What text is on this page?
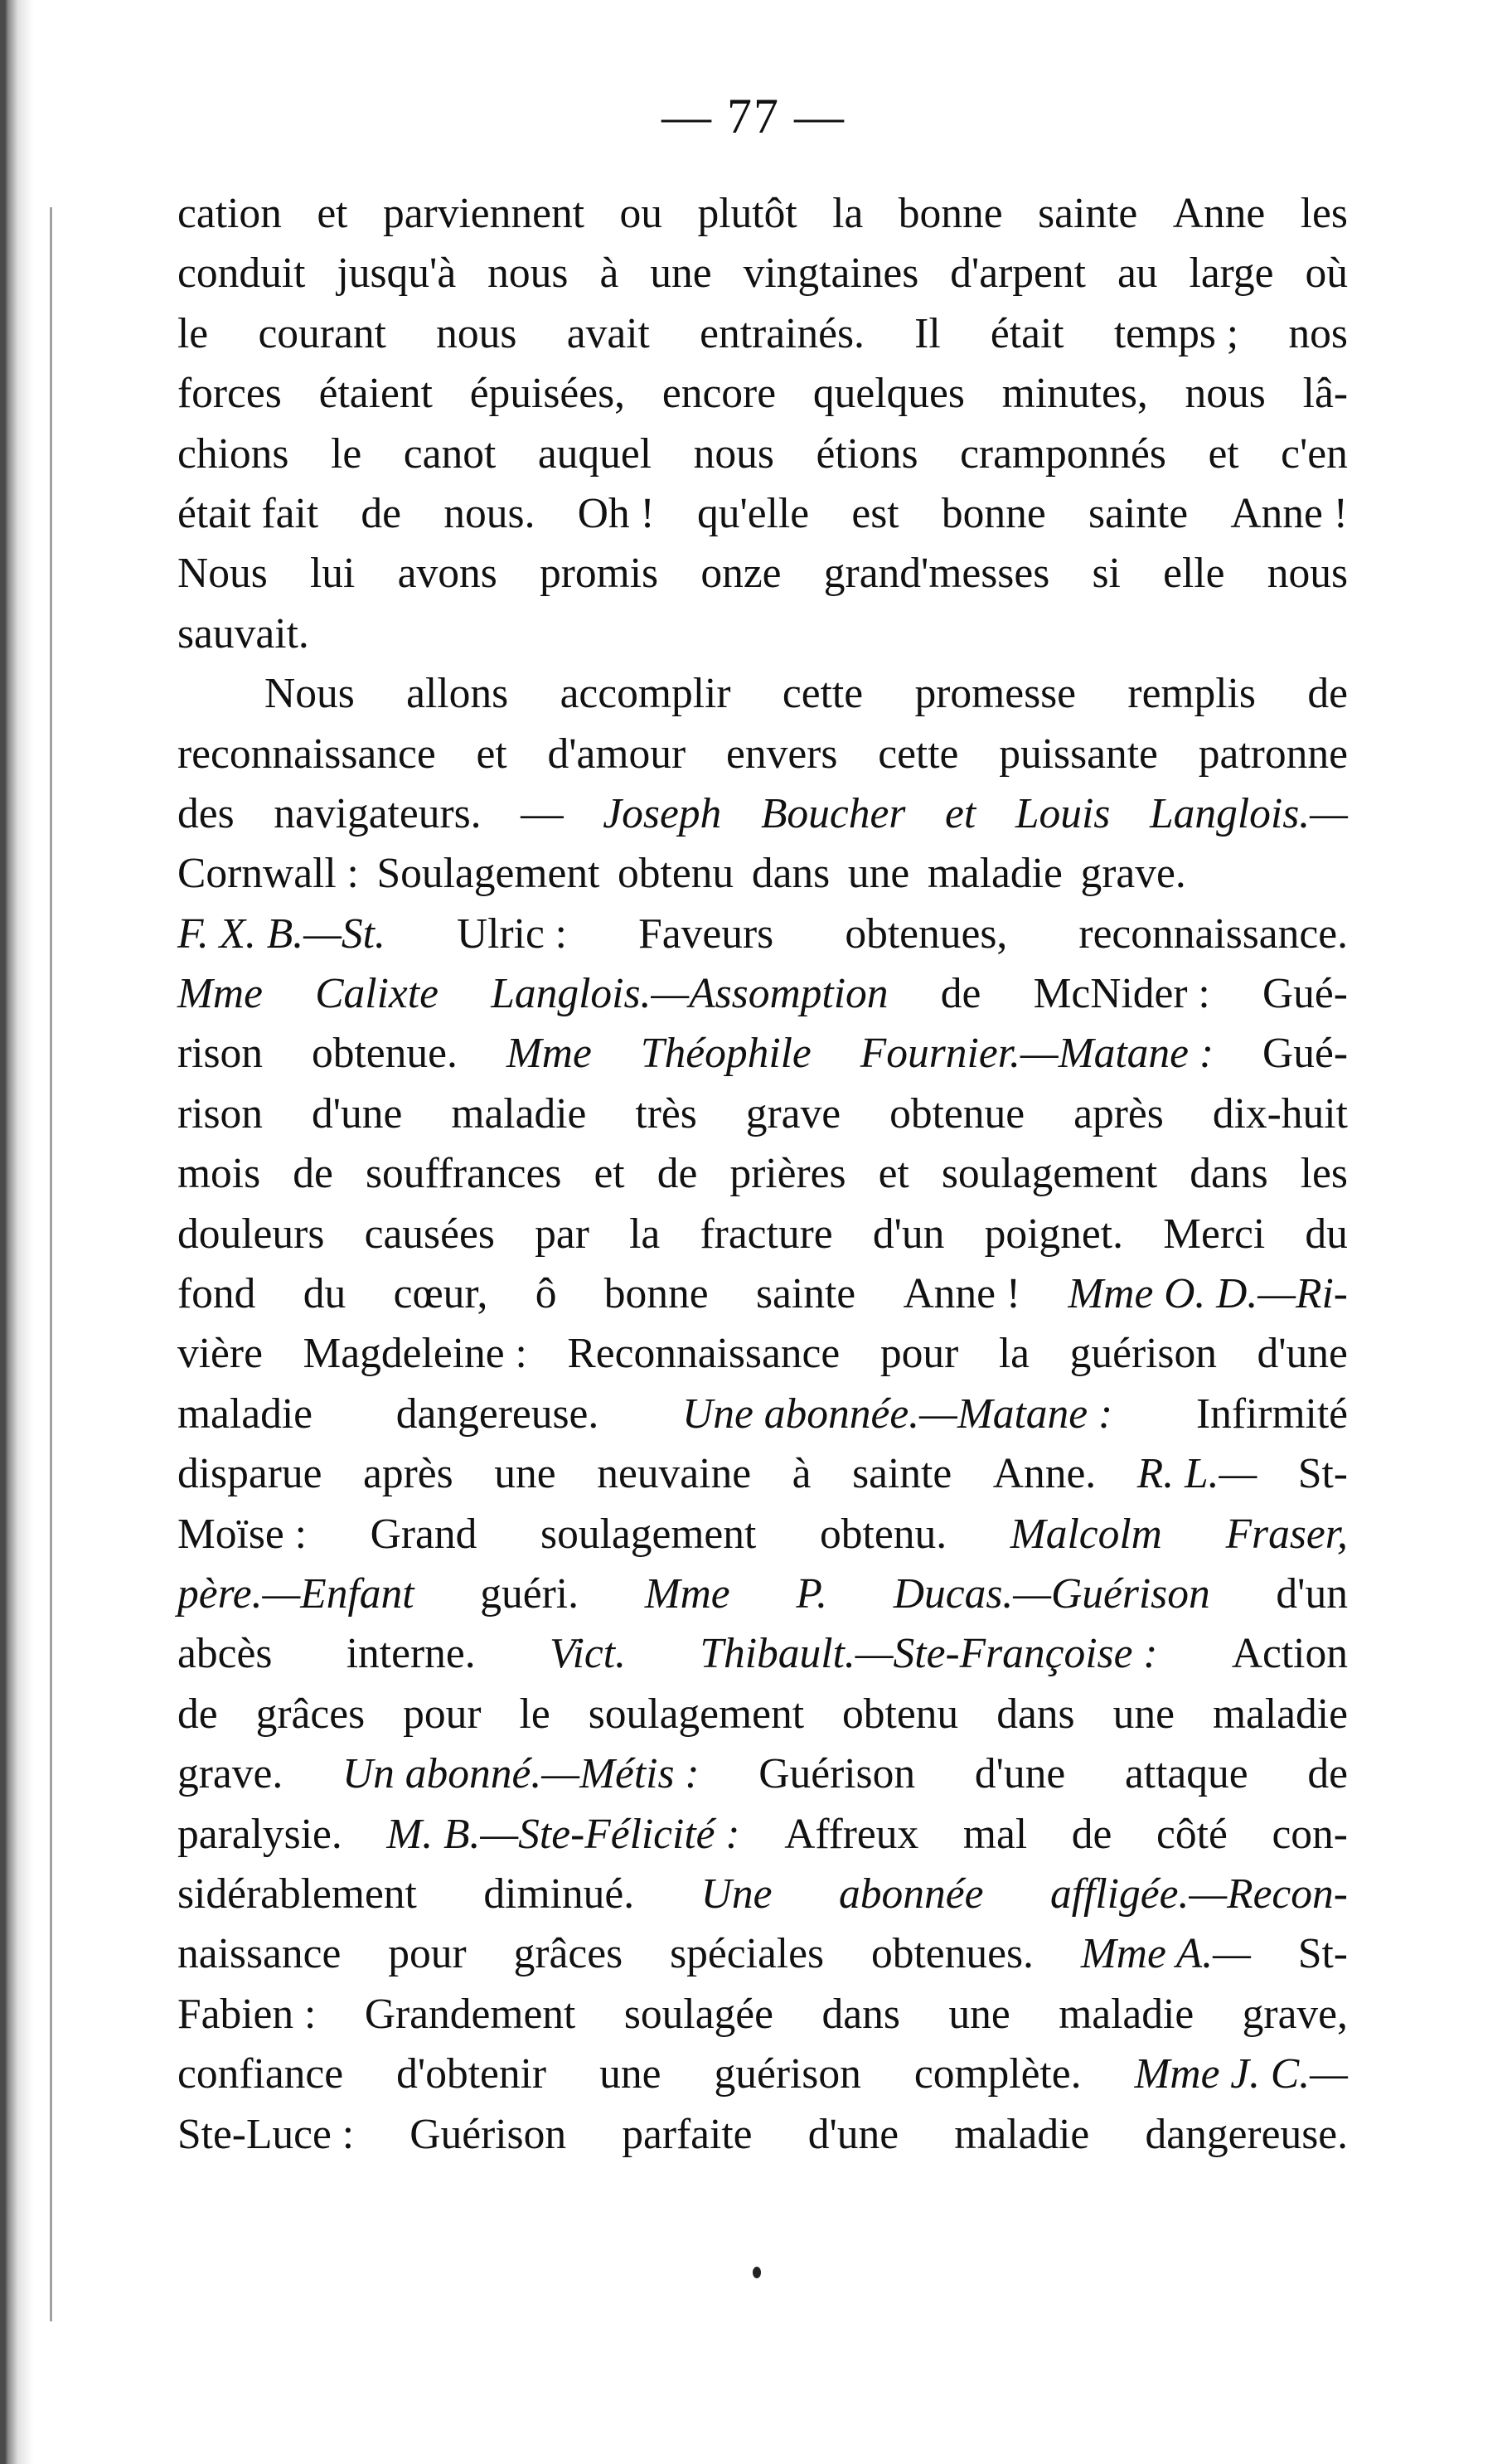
— 77 —
cation et parviennent ou plutôt la bonne sainte Anne les
conduit jusqu'à nous à une vingtaines d'arpent au large où
le courant nous avait entrainés. Il était temps ; nos
forces étaient épuisées, encore quelques minutes, nous lâ-
chions le canot auquel nous étions cramponnés et c'en
était fait de nous. Oh ! qu'elle est bonne sainte Anne !
Nous lui avons promis onze grand'messes si elle nous
sauvait.
Nous allons accomplir cette promesse remplis de
reconnaissance et d'amour envers cette puissante patronne
des navigateurs. — Joseph Boucher et Louis Langlois.—
Cornwall : Soulagement obtenu dans une maladie grave.
F. X. B.—St. Ulric : Faveurs obtenues, reconnaissance.
Mme Calixte Langlois.—Assomption de McNider : Gué-
rison obtenue. Mme Théophile Fournier.—Matane : Gué-
rison d'une maladie très grave obtenue après dix-huit
mois de souffrances et de prières et soulagement dans les
douleurs causées par la fracture d'un poignet. Merci du
fond du cœur, ô bonne sainte Anne ! Mme O. D.—Ri-
vière Magdeleine : Reconnaissance pour la guérison d'une
maladie dangereuse. Une abonnée.—Matane : Infirmité
disparue après une neuvaine à sainte Anne. R. L.— St-
Moïse : Grand soulagement obtenu. Malcolm Fraser,
père.—Enfant guéri. Mme P. Ducas.—Guérison d'un
abcès interne. Vict. Thibault.—Ste-Françoise : Action
de grâces pour le soulagement obtenu dans une maladie
grave. Un abonné.—Métis : Guérison d'une attaque de
paralysie. M. B.—Ste-Félicité : Affreux mal de côté con-
sidérablement diminué. Une abonnée affligée.—Recon-
naissance pour grâces spéciales obtenues. Mme A.— St-
Fabien : Grandement soulagée dans une maladie grave,
confiance d'obtenir une guérison complète. Mme J. C.—
Ste-Luce : Guérison parfaite d'une maladie dangereuse.
